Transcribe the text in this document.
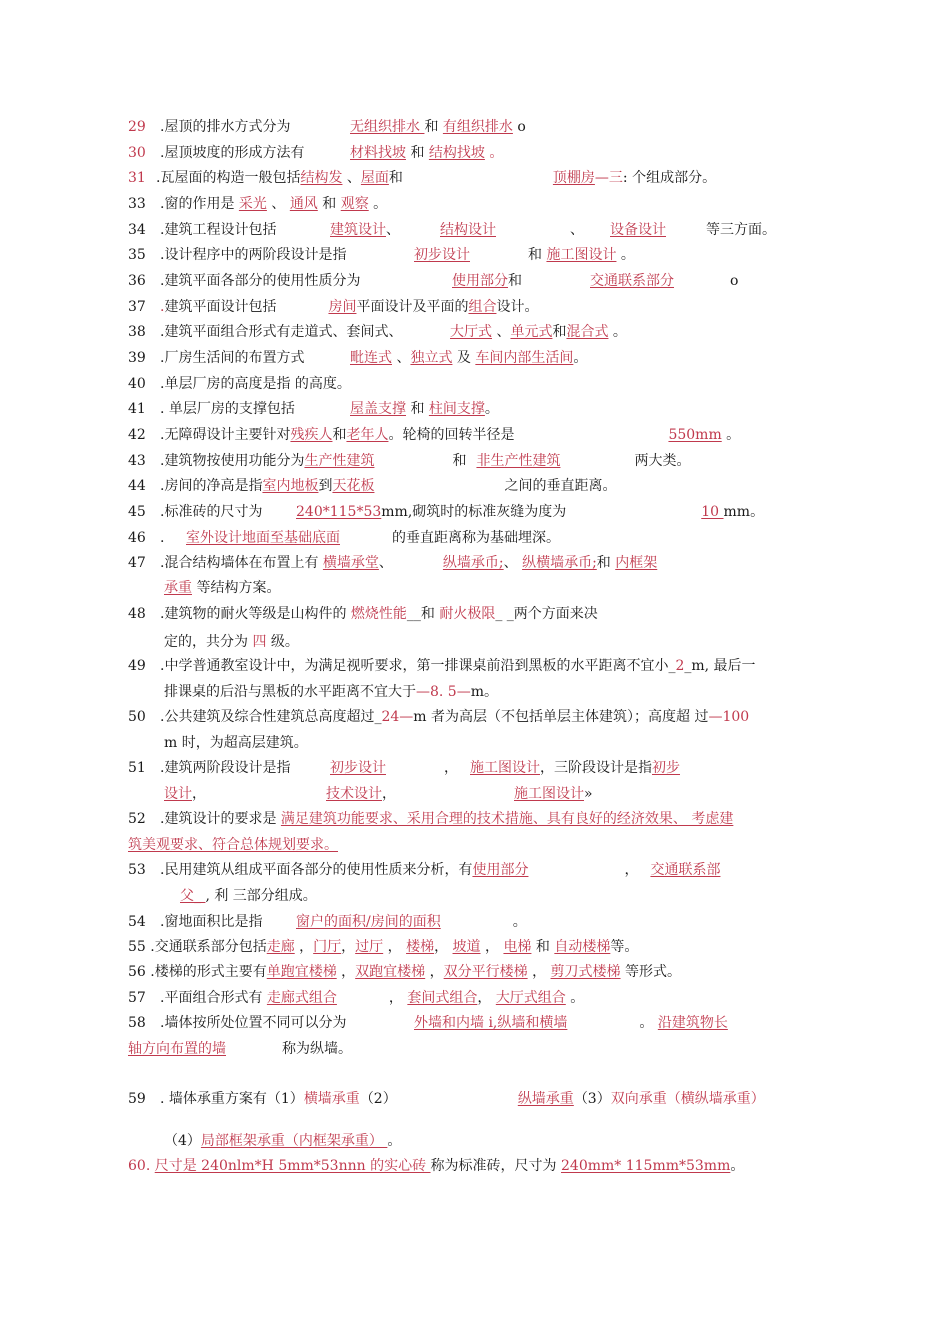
29 .屋顶的排水方式分为	无组织排水 和 有组织排水 o
30 .屋顶坡度的形成方法有	材料找坡 和 结构找坡 。
31 .瓦屋面的构造一般包括结构发 、屋面和	顶棚房—三: 个组成部分。
33 .窗的作用是 采光 、 通风 和 观察 。
34 .建筑工程设计包括	建筑设计、	结构设计	、 设备设计	等三方面。
35 .设计程序中的两阶段设计是指	初步设计	和 施工图设计 。
36 .建筑平面各部分的使用性质分为	使用部分和	交通联系部分	o
37 .建筑平面设计包括	房间平面设计及平面的组合设计。
38 .建筑平面组合形式有走道式、套间式、	大厅式 、单元式和混合式 。
39 .厂房生活间的布置方式	毗连式 、独立式 及 车间内部生活间。
40 .单层厂房的高度是指 的高度。
41 . 单层厂房的支撑包括	屋盖支撑 和 柱间支撑。
42 .无障碍设计主要针对残疾人和老年人。轮椅的回转半径是	550mm 。
43 .建筑物按使用功能分为生产性建筑	和 非生产性建筑	两大类。
44 .房间的净高是指室内地板到天花板	之间的垂直距离。
45 .标准砖的尺寸为 240*115*53mm,砌筑时的标准灰缝为度为	10 mm。
46 . 室外设计地面至基础底面	的垂直距离称为基础埋深。
47 .混合结构墙体在布置上有 横墙承堂、	纵墙承币;、 纵横墙承币;和 内框架
承重 等结构方案。
48 .建筑物的耐火等级是山构件的 燃烧性能__和 耐火极限_ _两个方面来决
定的，共分为 四 级。
49 .中学普通教室设计中，为满足视听要求，第一排课桌前沿到黑板的水平距离不宜小_2_m, 最后一
排课桌的后沿与黑板的水平距离不宜大于—8. 5—m。
50 .公共建筑及综合性建筑总高度超过_24—m 者为高层（不包括单层主体建筑）；高度超 过—100
m 时，为超高层建筑。
51 .建筑两阶段设计是指	初步设计	， 施工图设计，三阶段设计是指初步
设计，	技术设计，	施工图设计»
52 .建筑设计的要求是 满足建筑功能要求、采用合理的技术措施、具有良好的经济效果、 考虑建
筑美观要求、符合总体规划要求。
53 .民用建筑从组成平面各部分的使用性质来分析，有使用部分	， 交通联系部
父_ , 利 三部分组成。
54 .窗地面积比是指 窗户的面积/房间的面积	。
55 .交通联系部分包括走廊 ，门厅，过厅 ， 楼梯， 坡道 ， 电梯 和 自动楼梯等。
56 .楼梯的形式主要有单跑宜楼梯 ，双跑宜楼梯 ，双分平行楼梯 ， 剪刀式楼梯 等形式。
57 .平面组合形式有 走廊式组合	， 套间式组合， 大厅式组合 。
58 .墙体按所处位置不同可以分为	外墙和内墙 i,纵墙和横墙	。 沿建筑物长
轴方向布置的墙	称为纵墙。
59 . 墙体承重方案有（1）横墙承重（2）	纵墙承重（3）双向承重（横纵墙承重）
（4）局部框架承重（内框架承重） 。
60. 尺寸是 240nlm*H 5mm*53nnn 的实心砖 称为标准砖，尺寸为 240mm* 115mm*53mm。
